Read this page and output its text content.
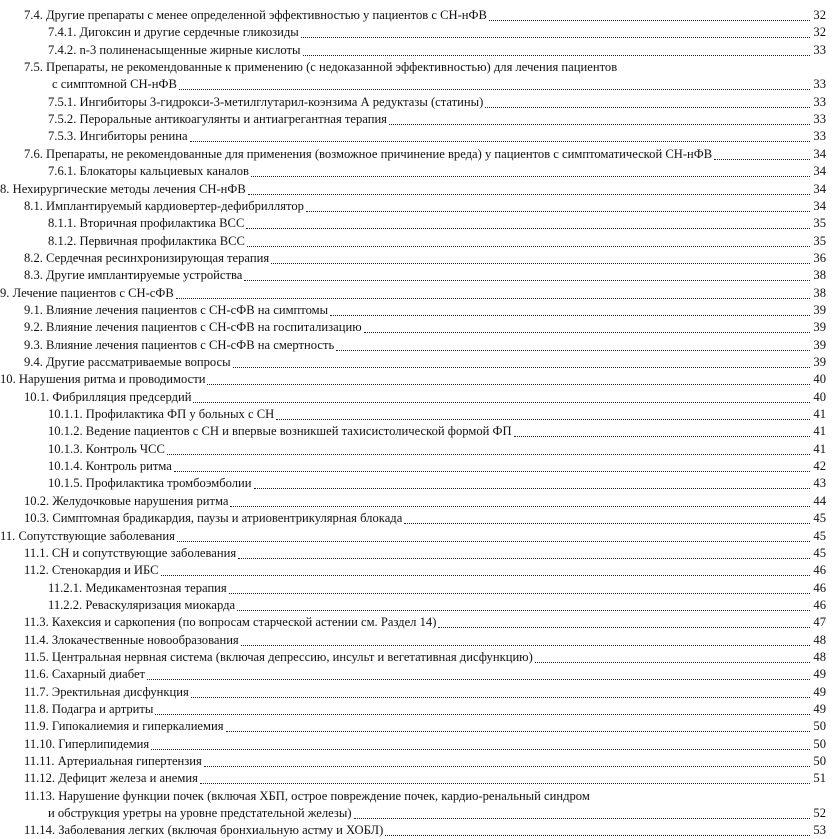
7.4. Другие препараты с менее определенной эффективностью у пациентов с СН-нФВ	32
7.4.1. Дигоксин и другие сердечные гликозиды	32
7.4.2. n-3 полиненасыщенные жирные кислоты	33
7.5. Препараты, не рекомендованные к применению (с недоказанной эффективностью) для лечения пациентов
с симптомной СН-нФВ	33
7.5.1. Ингибиторы 3-гидрокси-3-метилглутарил-коэнзима А редуктазы (статины)	33
7.5.2. Пероральные антикоагулянты и антиагрегантная терапия	33
7.5.3. Ингибиторы ренина	33
7.6. Препараты, не рекомендованные для применения (возможное причинение вреда) у пациентов с симптоматической СН-нФВ	34
7.6.1. Блокаторы кальциевых каналов	34
8. Нехирургические методы лечения СН-нФВ	34
8.1. Имплантируемый кардиовертер-дефибриллятор	34
8.1.1. Вторичная профилактика ВСС	35
8.1.2. Первичная профилактика ВСС	35
8.2. Сердечная ресинхронизирующая терапия	36
8.3. Другие имплантируемые устройства	38
9. Лечение пациентов с СН-сФВ	38
9.1. Влияние лечения пациентов с СН-сФВ на симптомы	39
9.2. Влияние лечения пациентов с СН-сФВ на госпитализацию	39
9.3. Влияние лечения пациентов с СН-сФВ на смертность	39
9.4. Другие рассматриваемые вопросы	39
10. Нарушения ритма и проводимости	40
10.1. Фибрилляция предсердий	40
10.1.1. Профилактика ФП у больных с СН	41
10.1.2. Ведение пациентов с СН и впервые возникшей тахисистолической формой ФП	41
10.1.3. Контроль ЧСС	41
10.1.4. Контроль ритма	42
10.1.5. Профилактика тромбоэмболии	43
10.2. Желудочковые нарушения ритма	44
10.3. Симптомная брадикардия, паузы и атриовентрикулярная блокада	45
11. Сопутствующие заболевания	45
11.1. СН и сопутствующие заболевания	45
11.2. Стенокардия и ИБС	46
11.2.1. Медикаментозная терапия	46
11.2.2. Реваскуляризация миокарда	46
11.3. Кахексия и саркопения (по вопросам старческой астении см. Раздел 14)	47
11.4. Злокачественные новообразования	48
11.5. Центральная нервная система (включая депрессию, инсульт и вегетативная дисфункцию)	48
11.6. Сахарный диабет	49
11.7. Эректильная дисфункция	49
11.8. Подагра и артриты	49
11.9. Гипокалиемия и гиперкалиемия	50
11.10. Гиперлипидемия	50
11.11. Артериальная гипертензия	50
11.12. Дефицит железа и анемия	51
11.13. Нарушение функции почек (включая ХБП, острое повреждение почек, кардио-ренальный синдром
и обструкция уретры на уровне предстательной железы)	52
11.14. Заболевания легких (включая бронхиальную астму и ХОБЛ)	53
